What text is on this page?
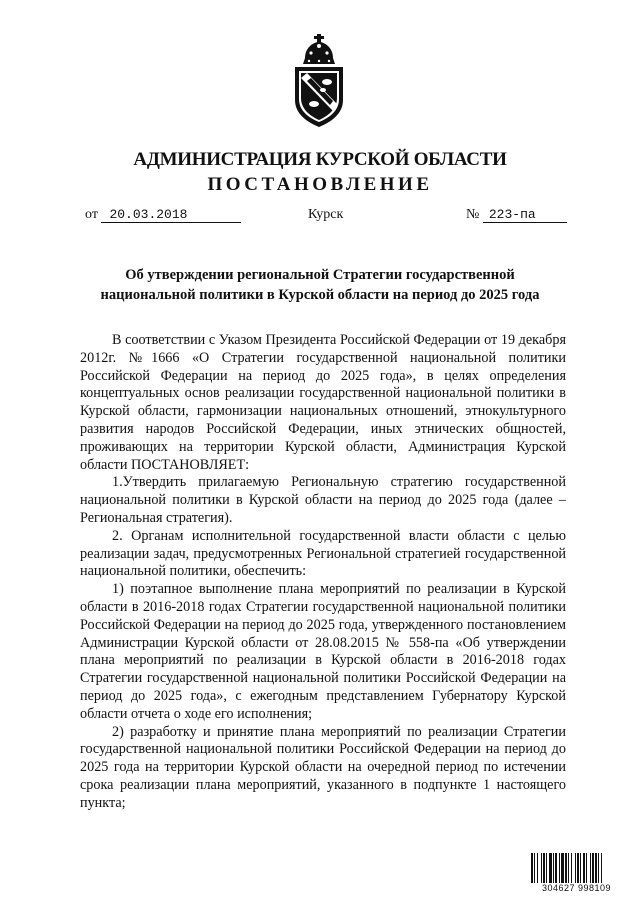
АДМИНИСТРАЦИЯ КУРСКОЙ ОБЛАСТИ
ПОСТАНОВЛЕНИЕ
от 20.03.2018	Курск	№ 223-па
Об утверждении региональной Стратегии государственной
национальной политики в Курской области на период до 2025 года

В соответствии с Указом Президента Российской Федерации от 19 декабря 2012г. №1666 «О Стратегии государственной национальной политики Российской Федерации на период до 2025 года», в целях определения концептуальных основ реализации государственной национальной политики в Курской области, гармонизации национальных отношений, этнокультурного развития народов Российской Федерации, иных этнических общностей, проживающих на территории Курской области, Администрация Курской области ПОСТАНОВЛЯЕТ:

1.Утвердить прилагаемую Региональную стратегию государственной национальной политики в Курской области на период до 2025 года (далее – Региональная стратегия).

2. Органам исполнительной государственной власти области с целью реализации задач, предусмотренных Региональной стратегией государственной национальной политики, обеспечить:

1) поэтапное выполнение плана мероприятий по реализации в Курской области в 2016-2018 годах Стратегии государственной национальной политики Российской Федерации на период до 2025 года, утвержденного постановлением Администрации Курской области от 28.08.2015 № 558-па «Об утверждении плана мероприятий по реализации в Курской области в 2016-2018 годах Стратегии государственной национальной политики Российской Федерации на период до 2025 года», с ежегодным представлением Губернатору Курской области отчета о ходе его исполнения;

2) разработку и принятие плана мероприятий по реализации Стратегии государственной национальной политики Российской Федерации на период до 2025 года на территории Курской области на очередной период по истечении срока реализации плана мероприятий, указанного в подпункте 1 настоящего пункта;

304627 998109
